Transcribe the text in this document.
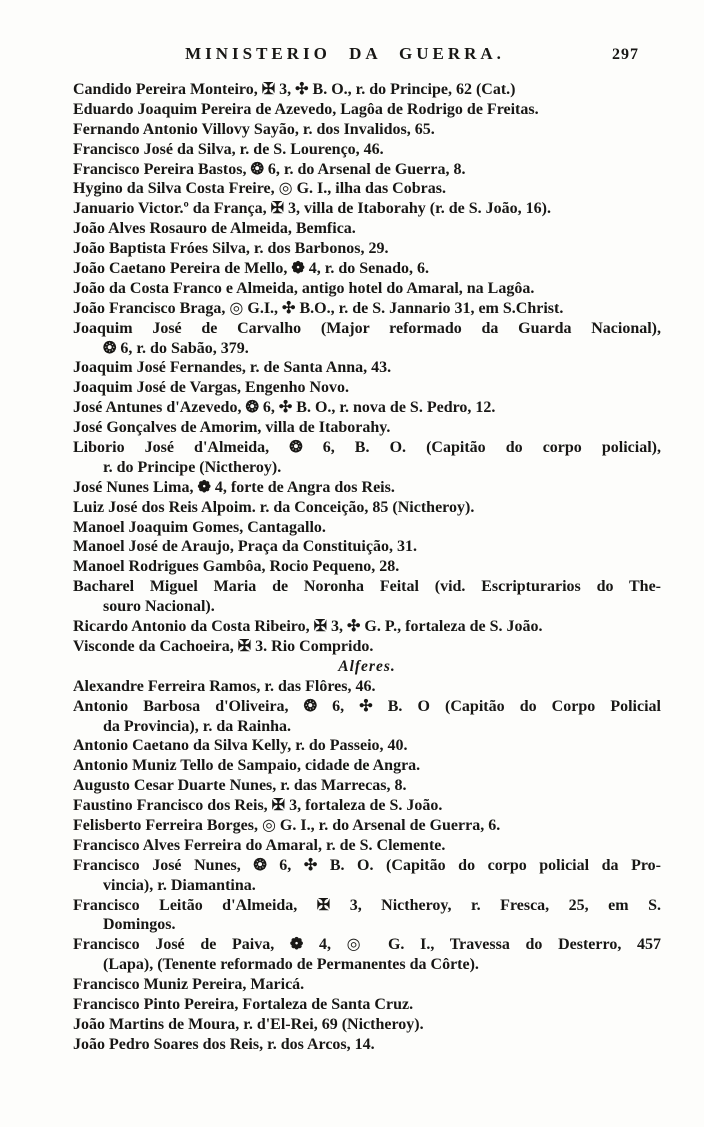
MINISTERIO DA GUERRA.	297
Candido Pereira Monteiro, ✠ 3, ✣ B. O., r. do Principe, 62 (Cat.)
Eduardo Joaquim Pereira de Azevedo, Lagôa de Rodrigo de Freitas.
Fernando Antonio Villovy Sayão, r. dos Invalidos, 65.
Francisco José da Silva, r. de S. Lourenço, 46.
Francisco Pereira Bastos, ❂ 6, r. do Arsenal de Guerra, 8.
Hygino da Silva Costa Freire, ◎ G. I., ilha das Cobras.
Januario Victor.º da França, ✠ 3, villa de Itaborahy (r. de S. João, 16).
João Alves Rosauro de Almeida, Bemfica.
João Baptista Fróes Silva, r. dos Barbonos, 29.
João Caetano Pereira de Mello, ❁ 4, r. do Senado, 6.
João da Costa Franco e Almeida, antigo hotel do Amaral, na Lagôa.
João Francisco Braga, ◎ G.I., ✣ B.O., r. de S. Jannario 31, em S.Christ.
Joaquim José de Carvalho (Major reformado da Guarda Nacional),
❂ 6, r. do Sabão, 379.
Joaquim José Fernandes, r. de Santa Anna, 43.
Joaquim José de Vargas, Engenho Novo.
José Antunes d'Azevedo, ❂ 6, ✣ B. O., r. nova de S. Pedro, 12.
José Gonçalves de Amorim, villa de Itaborahy.
Liborio José d'Almeida, ❂ 6, B. O. (Capitão do corpo policial),
r. do Principe (Nictheroy).
José Nunes Lima, ❁ 4, forte de Angra dos Reis.
Luiz José dos Reis Alpoim. r. da Conceição, 85 (Nictheroy).
Manoel Joaquim Gomes, Cantagallo.
Manoel José de Araujo, Praça da Constituição, 31.
Manoel Rodrigues Gambôa, Rocio Pequeno, 28.
Bacharel Miguel Maria de Noronha Feital (vid. Escripturarios do The-
souro Nacional).
Ricardo Antonio da Costa Ribeiro, ✠ 3, ✣ G. P., fortaleza de S. João.
Visconde da Cachoeira, ✠ 3. Rio Comprido.
Alferes.
Alexandre Ferreira Ramos, r. das Flôres, 46.
Antonio Barbosa d'Oliveira, ❂ 6, ✣ B. O (Capitão do Corpo Policial
da Provincia), r. da Rainha.
Antonio Caetano da Silva Kelly, r. do Passeio, 40.
Antonio Muniz Tello de Sampaio, cidade de Angra.
Augusto Cesar Duarte Nunes, r. das Marrecas, 8.
Faustino Francisco dos Reis, ✠ 3, fortaleza de S. João.
Felisberto Ferreira Borges, ◎ G. I., r. do Arsenal de Guerra, 6.
Francisco Alves Ferreira do Amaral, r. de S. Clemente.
Francisco José Nunes, ❂ 6, ✣ B. O. (Capitão do corpo policial da Pro-
vincia), r. Diamantina.
Francisco Leitão d'Almeida, ✠ 3, Nictheroy, r. Fresca, 25, em S.
Domingos.
Francisco José de Paiva, ❁ 4, ◎ G. I., Travessa do Desterro, 457
(Lapa), (Tenente reformado de Permanentes da Côrte).
Francisco Muniz Pereira, Maricá.
Francisco Pinto Pereira, Fortaleza de Santa Cruz.
João Martins de Moura, r. d'El-Rei, 69 (Nictheroy).
João Pedro Soares dos Reis, r. dos Arcos, 14.
